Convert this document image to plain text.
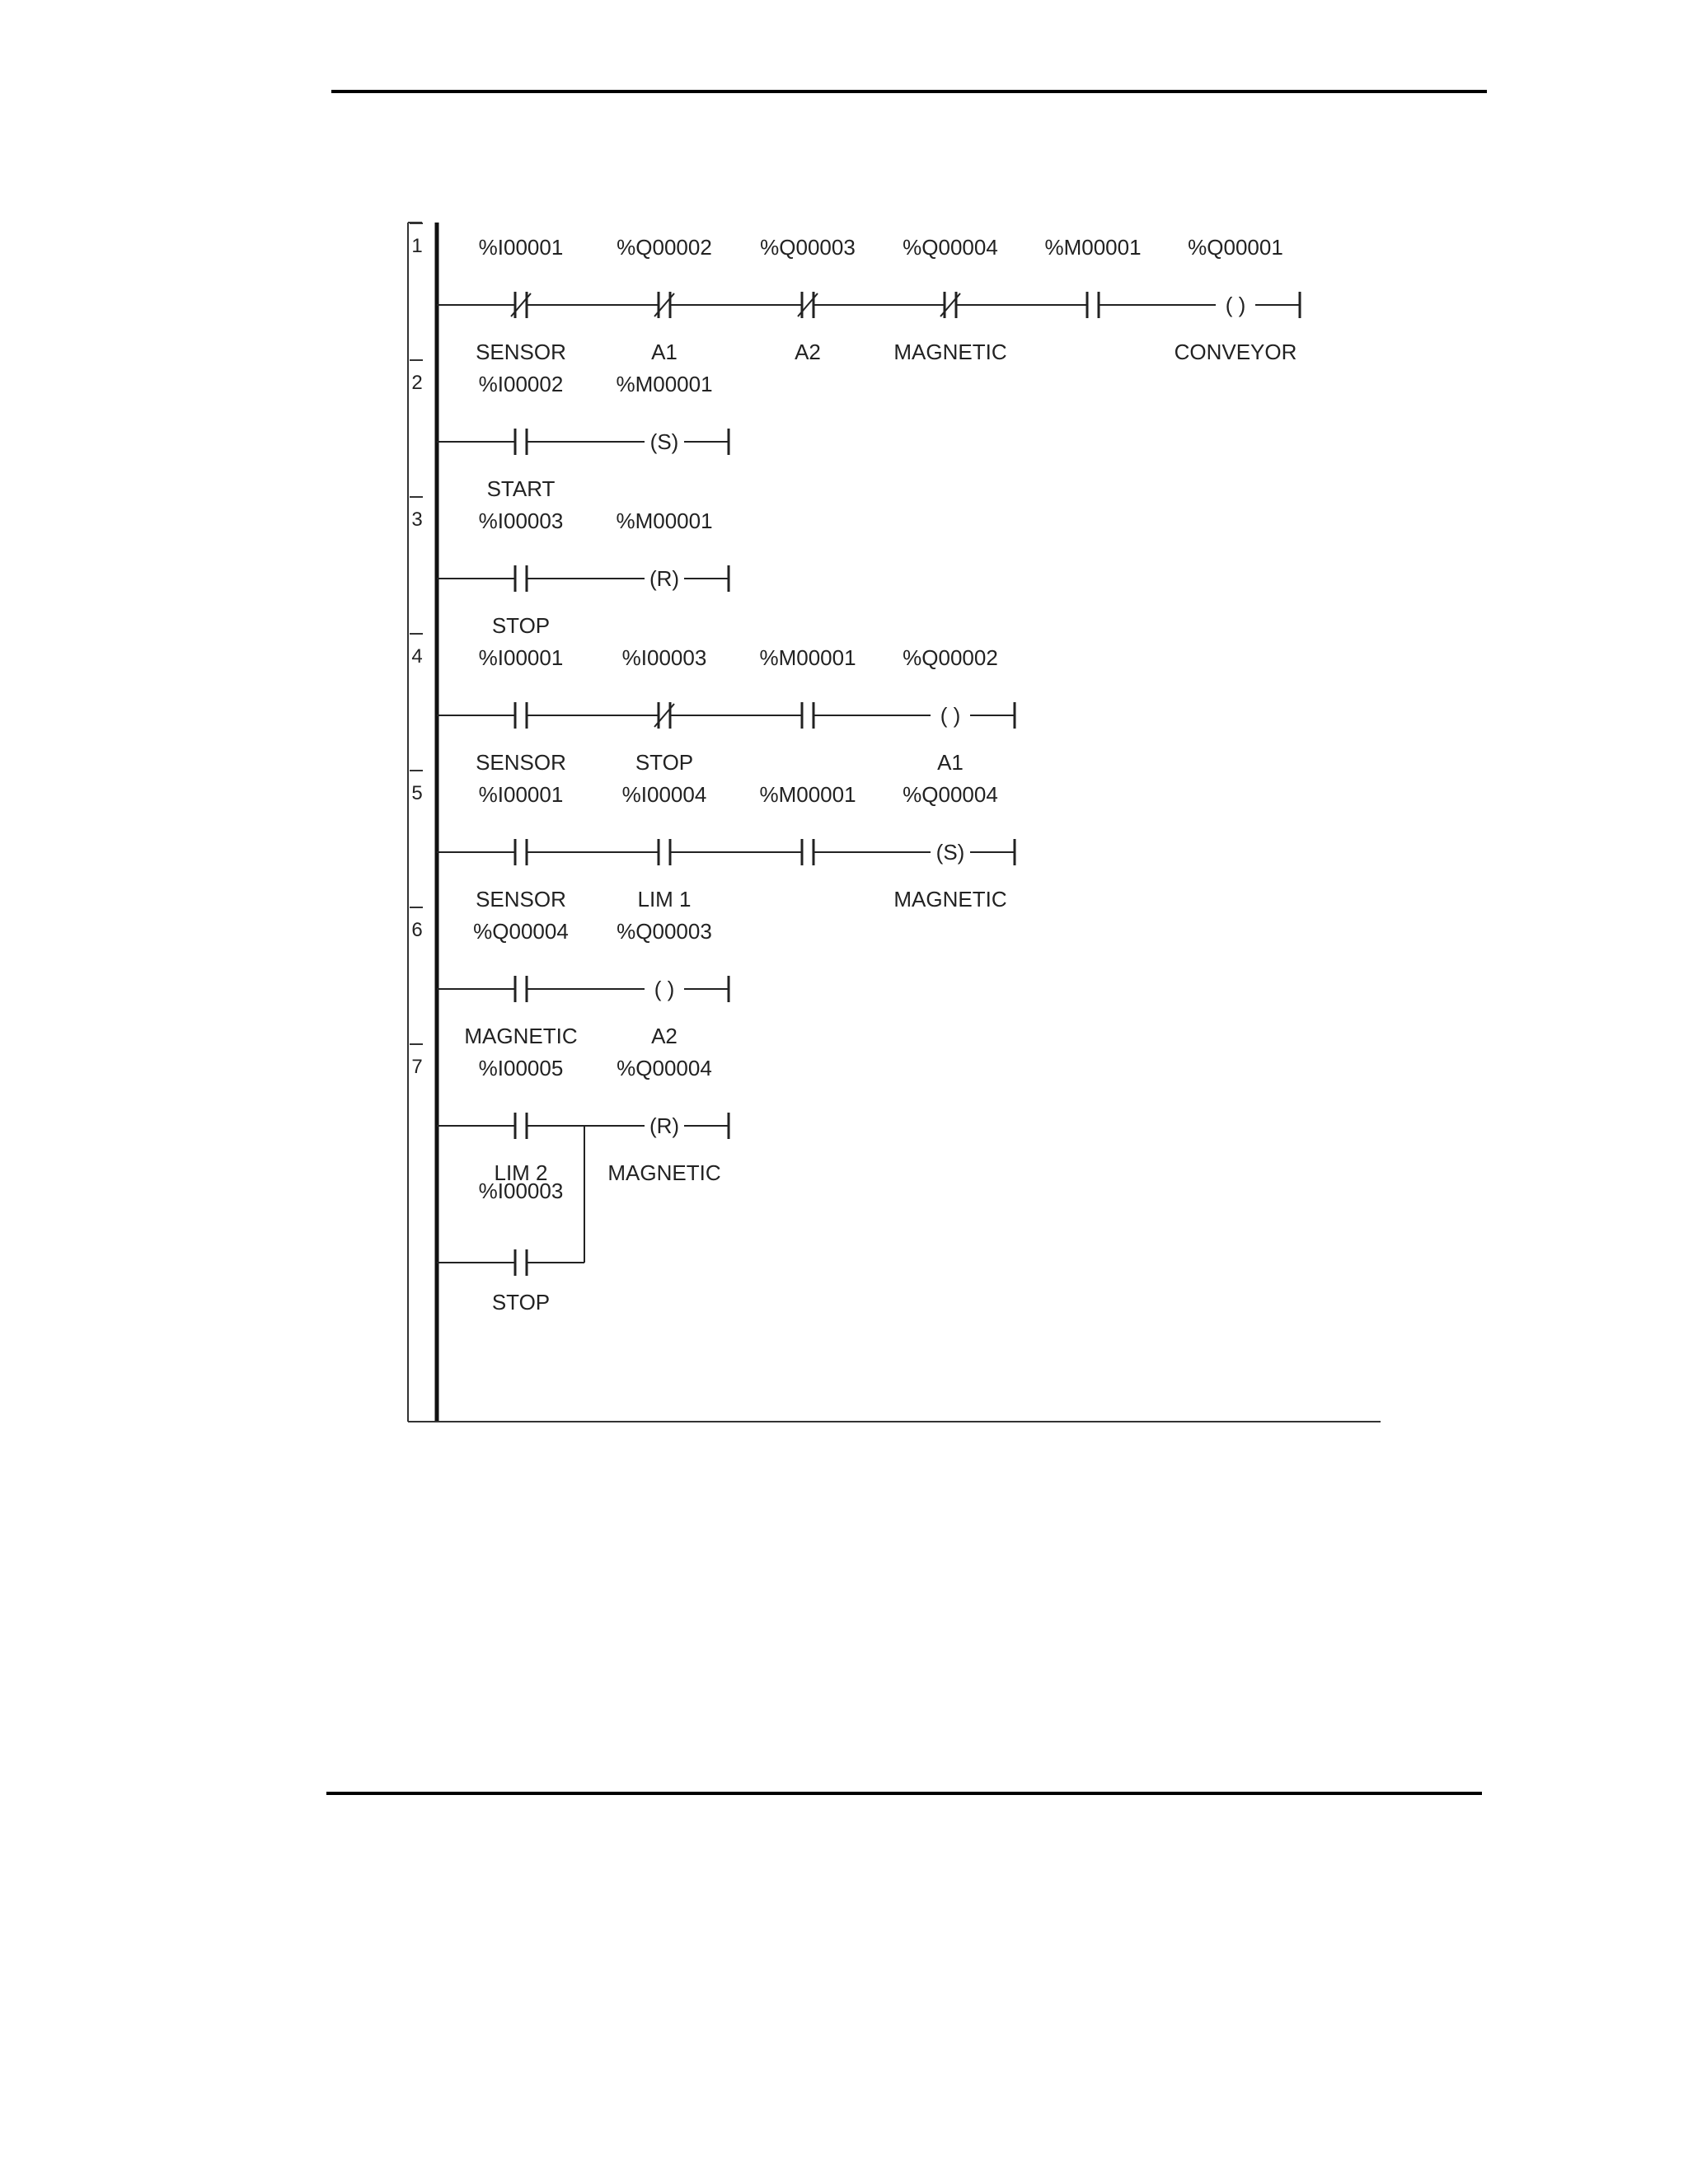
1	%I00001
SENSOR
%Q00002
A1
%Q00003
A2
%Q00004
MAGNETIC
%M00001 %Q00001
CONVEYOR
( )
2	%I00002
START
%M00001
(S)
3	%I00003
STOP
%M00001
(R)
4	%I00001
SENSOR
%I00003
STOP
%M00001 %Q00002
A1
( )
5	%I00001
SENSOR
%I00004
LIM 1
%M00001 %Q00004
MAGNETIC
(S)
6 %Q00004
MAGNETIC
%Q00003
A2
( )
7	%I00005
LIM 2
%Q00004
MAGNETIC
(R)
STOP
%I00003
